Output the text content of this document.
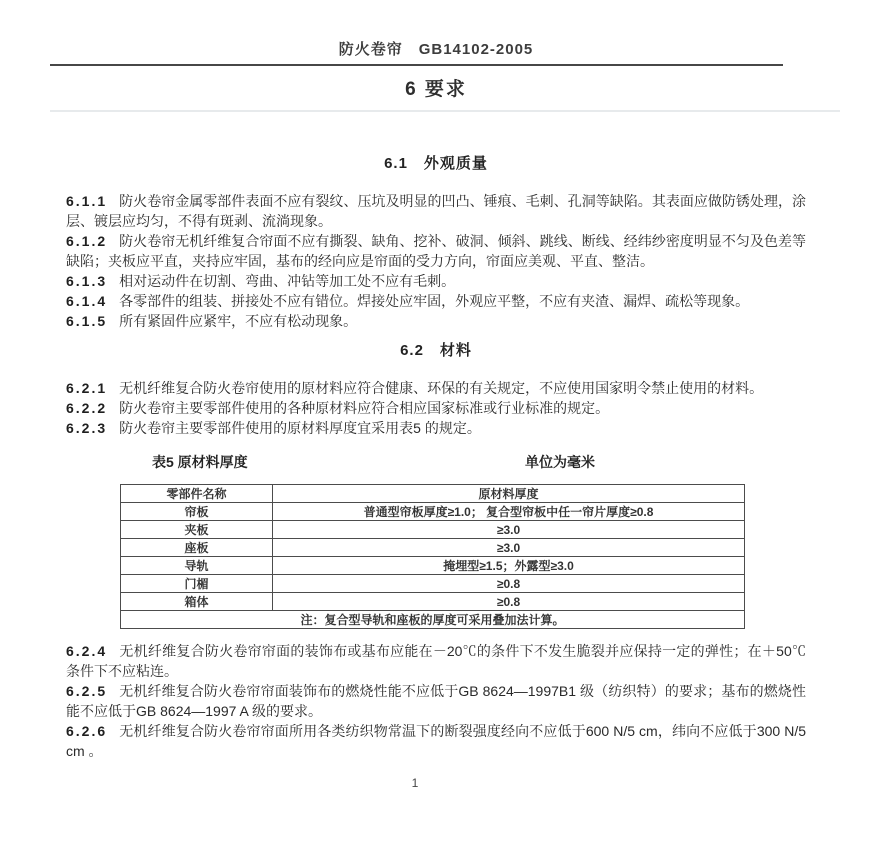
防火卷帘　GB14102-2005
6 要求
6.1　外观质量

6.1.1 防火卷帘金属零部件表面不应有裂纹、压坑及明显的凹凸、锤痕、毛刺、孔洞等缺陷。其表面应做防锈处理，涂层、镀层应均匀，不得有斑剥、流淌现象。

6.1.2 防火卷帘无机纤维复合帘面不应有撕裂、缺角、挖补、破洞、倾斜、跳线、断线、经纬纱密度明显不匀及色差等缺陷；夹板应平直，夹持应牢固，基布的经向应是帘面的受力方向，帘面应美观、平直、整洁。

6.1.3 相对运动件在切割、弯曲、冲钻等加工处不应有毛刺。

6.1.4 各零部件的组装、拼接处不应有错位。焊接处应牢固，外观应平整，不应有夹渣、漏焊、疏松等现象。

6.1.5 所有紧固件应紧牢，不应有松动现象。

6.2　材料

6.2.1 无机纤维复合防火卷帘使用的原材料应符合健康、环保的有关规定，不应使用国家明令禁止使用的材料。

6.2.2 防火卷帘主要零部件使用的各种原材料应符合相应国家标准或行业标准的规定。

6.2.3 防火卷帘主要零部件使用的原材料厚度宜采用表5 的规定。

表5 原材料厚度	单位为毫米
零部件名称	原材料厚度
帘板	普通型帘板厚度≥1.0； 复合型帘板中任一帘片厚度≥0.8
夹板	≥3.0
座板	≥3.0
导轨	掩埋型≥1.5；外露型≥3.0
门楣	≥0.8
箱体	≥0.8
注：复合型导轨和座板的厚度可采用叠加法计算。	

6.2.4 无机纤维复合防火卷帘帘面的装饰布或基布应能在－20℃的条件下不发生脆裂并应保持一定的弹性；在＋50℃条件下不应粘连。

6.2.5 无机纤维复合防火卷帘帘面装饰布的燃烧性能不应低于GB 8624—1997B1 级（纺织特）的要求；基布的燃烧性能不应低于GB 8624—1997 A 级的要求。

6.2.6 无机纤维复合防火卷帘帘面所用各类纺织物常温下的断裂强度经向不应低于600 N/5 cm，纬向不应低于300 N/5 cm 。

1
